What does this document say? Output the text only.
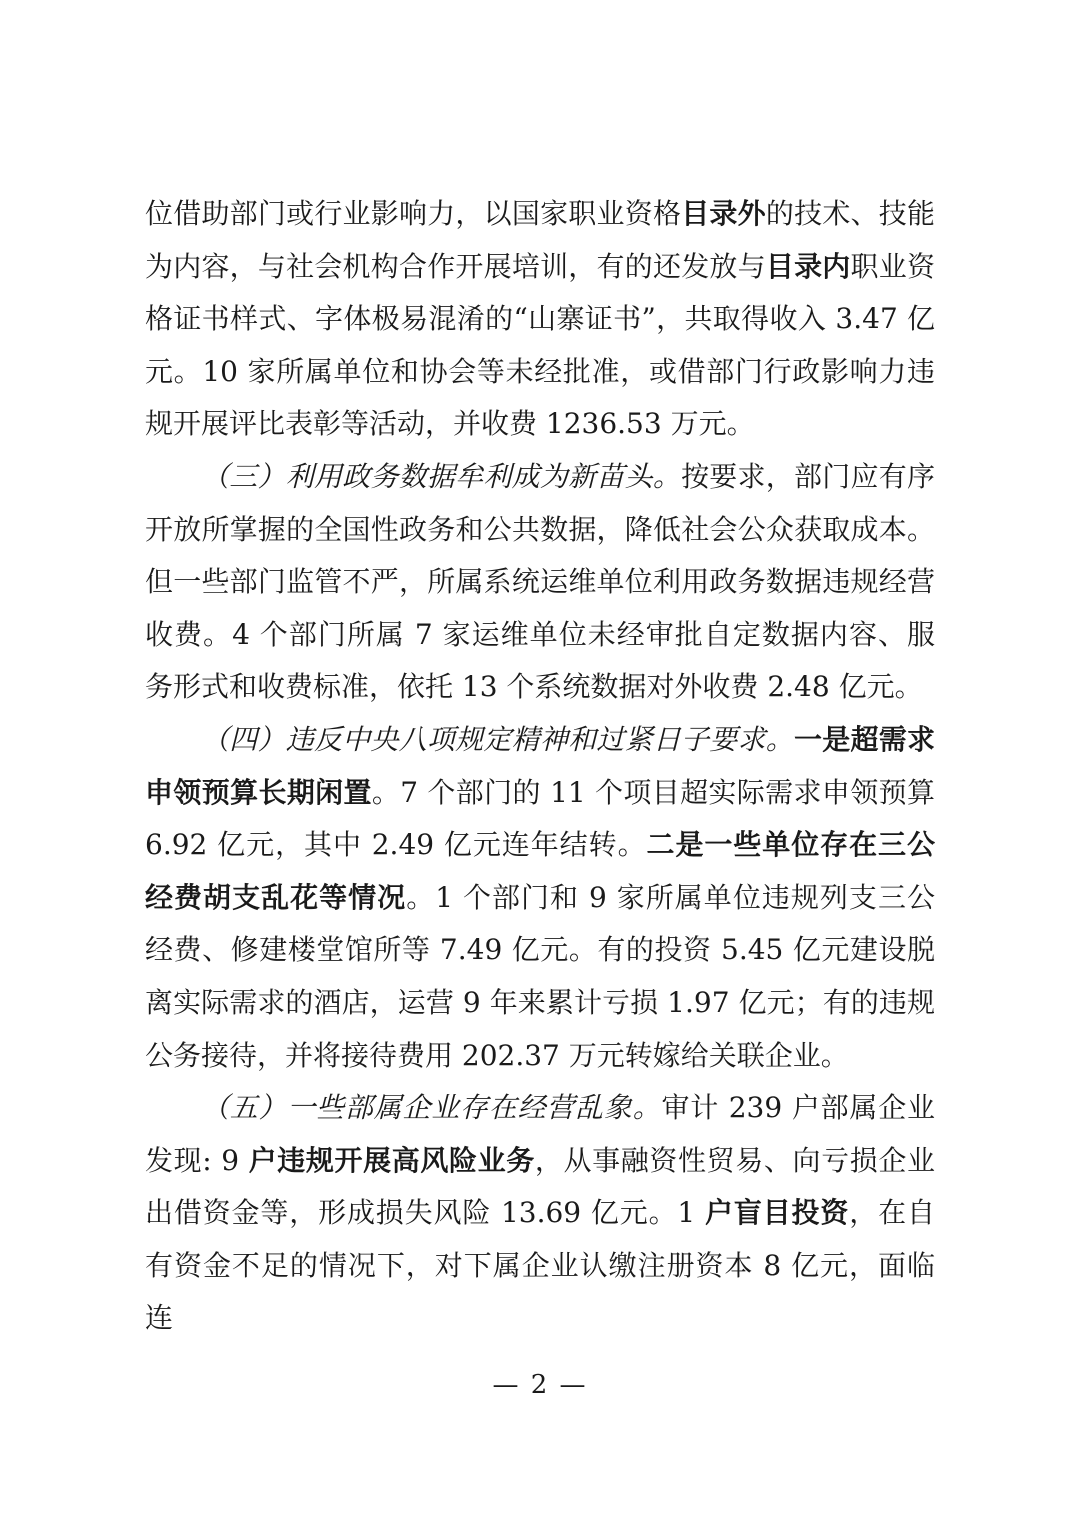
位借助部门或行业影响力，以国家职业资格目录外的技术、技能为内容，与社会机构合作开展培训，有的还发放与目录内职业资格证书样式、字体极易混淆的“山寨证书”，共取得收入 3.47 亿元。10 家所属单位和协会等未经批准，或借部门行政影响力违规开展评比表彰等活动，并收费 1236.53 万元。

（三）利用政务数据牟利成为新苗头。按要求，部门应有序开放所掌握的全国性政务和公共数据，降低社会公众获取成本。但一些部门监管不严，所属系统运维单位利用政务数据违规经营收费。4 个部门所属 7 家运维单位未经审批自定数据内容、服务形式和收费标准，依托 13 个系统数据对外收费 2.48 亿元。

（四）违反中央八项规定精神和过紧日子要求。一是超需求申领预算长期闲置。7 个部门的 11 个项目超实际需求申领预算 6.92 亿元，其中 2.49 亿元连年结转。二是一些单位存在三公经费胡支乱花等情况。1 个部门和 9 家所属单位违规列支三公经费、修建楼堂馆所等 7.49 亿元。有的投资 5.45 亿元建设脱离实际需求的酒店，运营 9 年来累计亏损 1.97 亿元；有的违规公务接待，并将接待费用 202.37 万元转嫁给关联企业。

（五）一些部属企业存在经营乱象。审计 239 户部属企业发现: 9 户违规开展高风险业务，从事融资性贸易、向亏损企业出借资金等，形成损失风险 13.69 亿元。1 户盲目投资，在自有资金不足的情况下，对下属企业认缴注册资本 8 亿元，面临连

— 2 —
